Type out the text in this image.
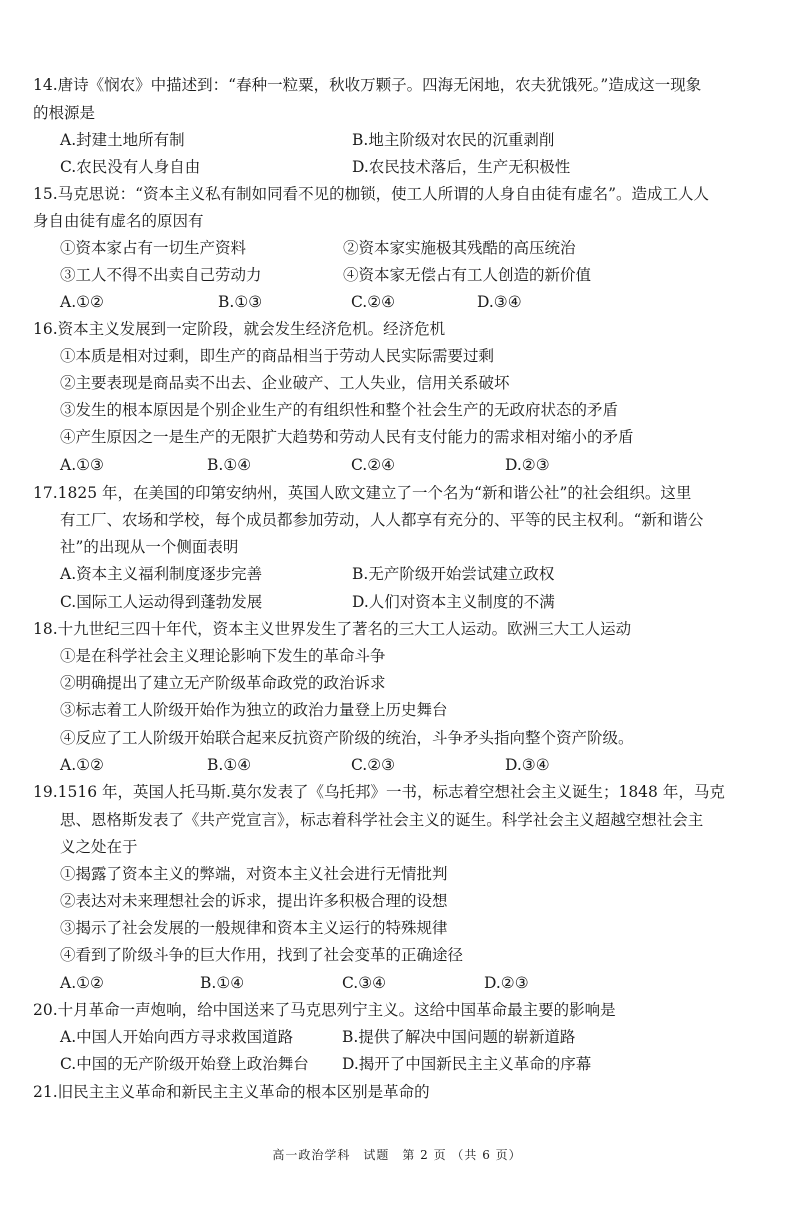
14.唐诗《悯农》中描述到：“春种一粒粟，秋收万颗子。四海无闲地，农夫犹饿死。”造成这一现象
的根源是
A.封建土地所有制	B.地主阶级对农民的沉重剥削
C.农民没有人身自由	D.农民技术落后，生产无积极性
15.马克思说：“资本主义私有制如同看不见的枷锁，使工人所谓的人身自由徒有虚名”。造成工人人
身自由徒有虚名的原因有
①资本家占有一切生产资料	②资本家实施极其残酷的高压统治
③工人不得不出卖自己劳动力	④资本家无偿占有工人创造的新价值
A.①②	B.①③	C.②④	D.③④
16.资本主义发展到一定阶段，就会发生经济危机。经济危机
①本质是相对过剩，即生产的商品相当于劳动人民实际需要过剩
②主要表现是商品卖不出去、企业破产、工人失业，信用关系破坏
③发生的根本原因是个别企业生产的有组织性和整个社会生产的无政府状态的矛盾
④产生原因之一是生产的无限扩大趋势和劳动人民有支付能力的需求相对缩小的矛盾
A.①③	B.①④	C.②④	D.②③
17.1825 年，在美国的印第安纳州，英国人欧文建立了一个名为“新和谐公社”的社会组织。这里
有工厂、农场和学校，每个成员都参加劳动，人人都享有充分的、平等的民主权利。“新和谐公
社”的出现从一个侧面表明
A.资本主义福利制度逐步完善	B.无产阶级开始尝试建立政权
C.国际工人运动得到蓬勃发展	D.人们对资本主义制度的不满
18.十九世纪三四十年代，资本主义世界发生了著名的三大工人运动。欧洲三大工人运动
①是在科学社会主义理论影响下发生的革命斗争
②明确提出了建立无产阶级革命政党的政治诉求
③标志着工人阶级开始作为独立的政治力量登上历史舞台
④反应了工人阶级开始联合起来反抗资产阶级的统治，斗争矛头指向整个资产阶级。
A.①②	B.①④	C.②③	D.③④
19.1516 年，英国人托马斯.莫尔发表了《乌托邦》一书，标志着空想社会主义诞生；1848 年，马克
思、恩格斯发表了《共产党宣言》，标志着科学社会主义的诞生。科学社会主义超越空想社会主
义之处在于
①揭露了资本主义的弊端，对资本主义社会进行无情批判
②表达对未来理想社会的诉求，提出许多积极合理的设想
③揭示了社会发展的一般规律和资本主义运行的特殊规律
④看到了阶级斗争的巨大作用，找到了社会变革的正确途径
A.①②	B.①④	C.③④	D.②③
20.十月革命一声炮响，给中国送来了马克思列宁主义。这给中国革命最主要的影响是
A.中国人开始向西方寻求救国道路	B.提供了解决中国问题的崭新道路
C.中国的无产阶级开始登上政治舞台 D.揭开了中国新民主主义革命的序幕
21.旧民主主义革命和新民主主义革命的根本区别是革命的
高一政治学科　试题　第 2 页 （共 6 页）
